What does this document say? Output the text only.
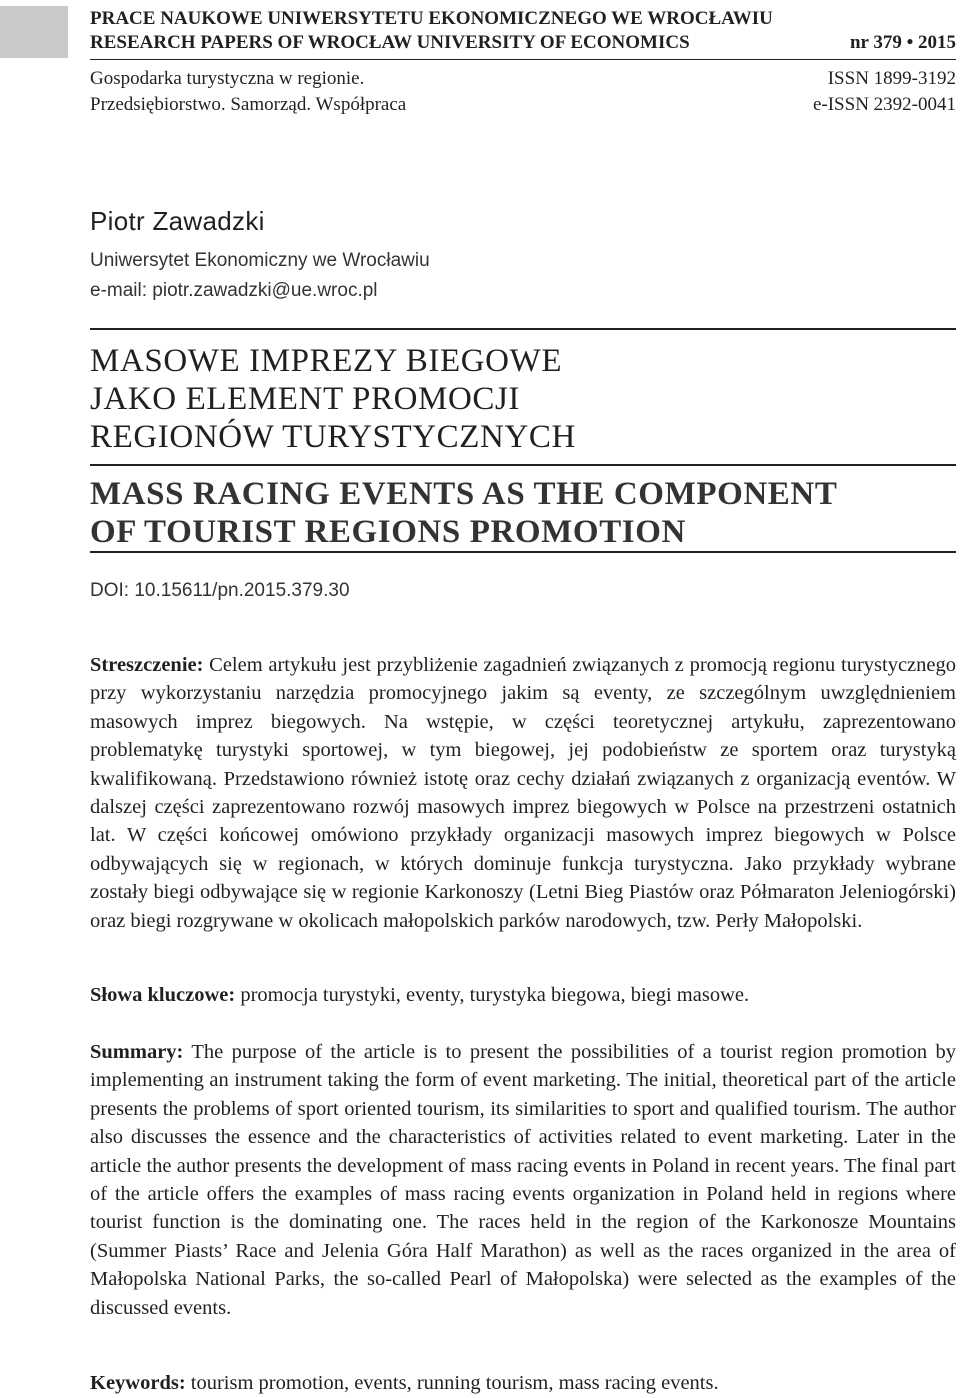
PRACE NAUKOWE UNIWERSYTETU EKONOMICZNEGO WE WROCŁAWIU
RESEARCH PAPERS OF WROCŁAW UNIVERSITY OF ECONOMICS	nr 379 • 2015
Gospodarka turystyczna w regionie.	ISSN 1899-3192
Przedsiębiorstwo. Samorząd. Współpraca	e-ISSN 2392-0041
Piotr Zawadzki
Uniwersytet Ekonomiczny we Wrocławiu
e-mail: piotr.zawadzki@ue.wroc.pl
MASOWE IMPREZY BIEGOWE
JAKO ELEMENT PROMOCJI
REGIONÓW TURYSTYCZNYCH
MASS RACING EVENTS AS THE COMPONENT
OF TOURIST REGIONS PROMOTION
DOI: 10.15611/pn.2015.379.30

Streszczenie: Celem artykułu jest przybliżenie zagadnień związanych z promocją regionu turystycznego przy wykorzystaniu narzędzia promocyjnego jakim są eventy, ze szczególnym uwzględnieniem masowych imprez biegowych. Na wstępie, w części teoretycznej artykułu, zaprezentowano problematykę turystyki sportowej, w tym biegowej, jej podobieństw ze sportem oraz turystyką kwalifikowaną. Przedstawiono również istotę oraz cechy działań związanych z organizacją eventów. W dalszej części zaprezentowano rozwój masowych imprez biegowych w Polsce na przestrzeni ostatnich lat. W części końcowej omówiono przykłady organizacji masowych imprez biegowych w Polsce odbywających się w regionach, w których dominuje funkcja turystyczna. Jako przykłady wybrane zostały biegi odbywające się w regionie Karkonoszy (Letni Bieg Piastów oraz Półmaraton Jeleniogórski) oraz biegi rozgrywane w okolicach małopolskich parków narodowych, tzw. Perły Małopolski.

Słowa kluczowe: promocja turystyki, eventy, turystyka biegowa, biegi masowe.

Summary: The purpose of the article is to present the possibilities of a tourist region promotion by implementing an instrument taking the form of event marketing. The initial, theoretical part of the article presents the problems of sport oriented tourism, its similarities to sport and qualified tourism. The author also discusses the essence and the characteristics of activities related to event marketing. Later in the article the author presents the development of mass racing events in Poland in recent years. The final part of the article offers the examples of mass racing events organization in Poland held in regions where tourist function is the dominating one. The races held in the region of the Karkonosze Mountains (Summer Piasts’ Race and Jelenia Góra Half Marathon) as well as the races organized in the area of Małopolska National Parks, the so-called Pearl of Małopolska) were selected as the examples of the discussed events.

Keywords: tourism promotion, events, running tourism, mass racing events.
